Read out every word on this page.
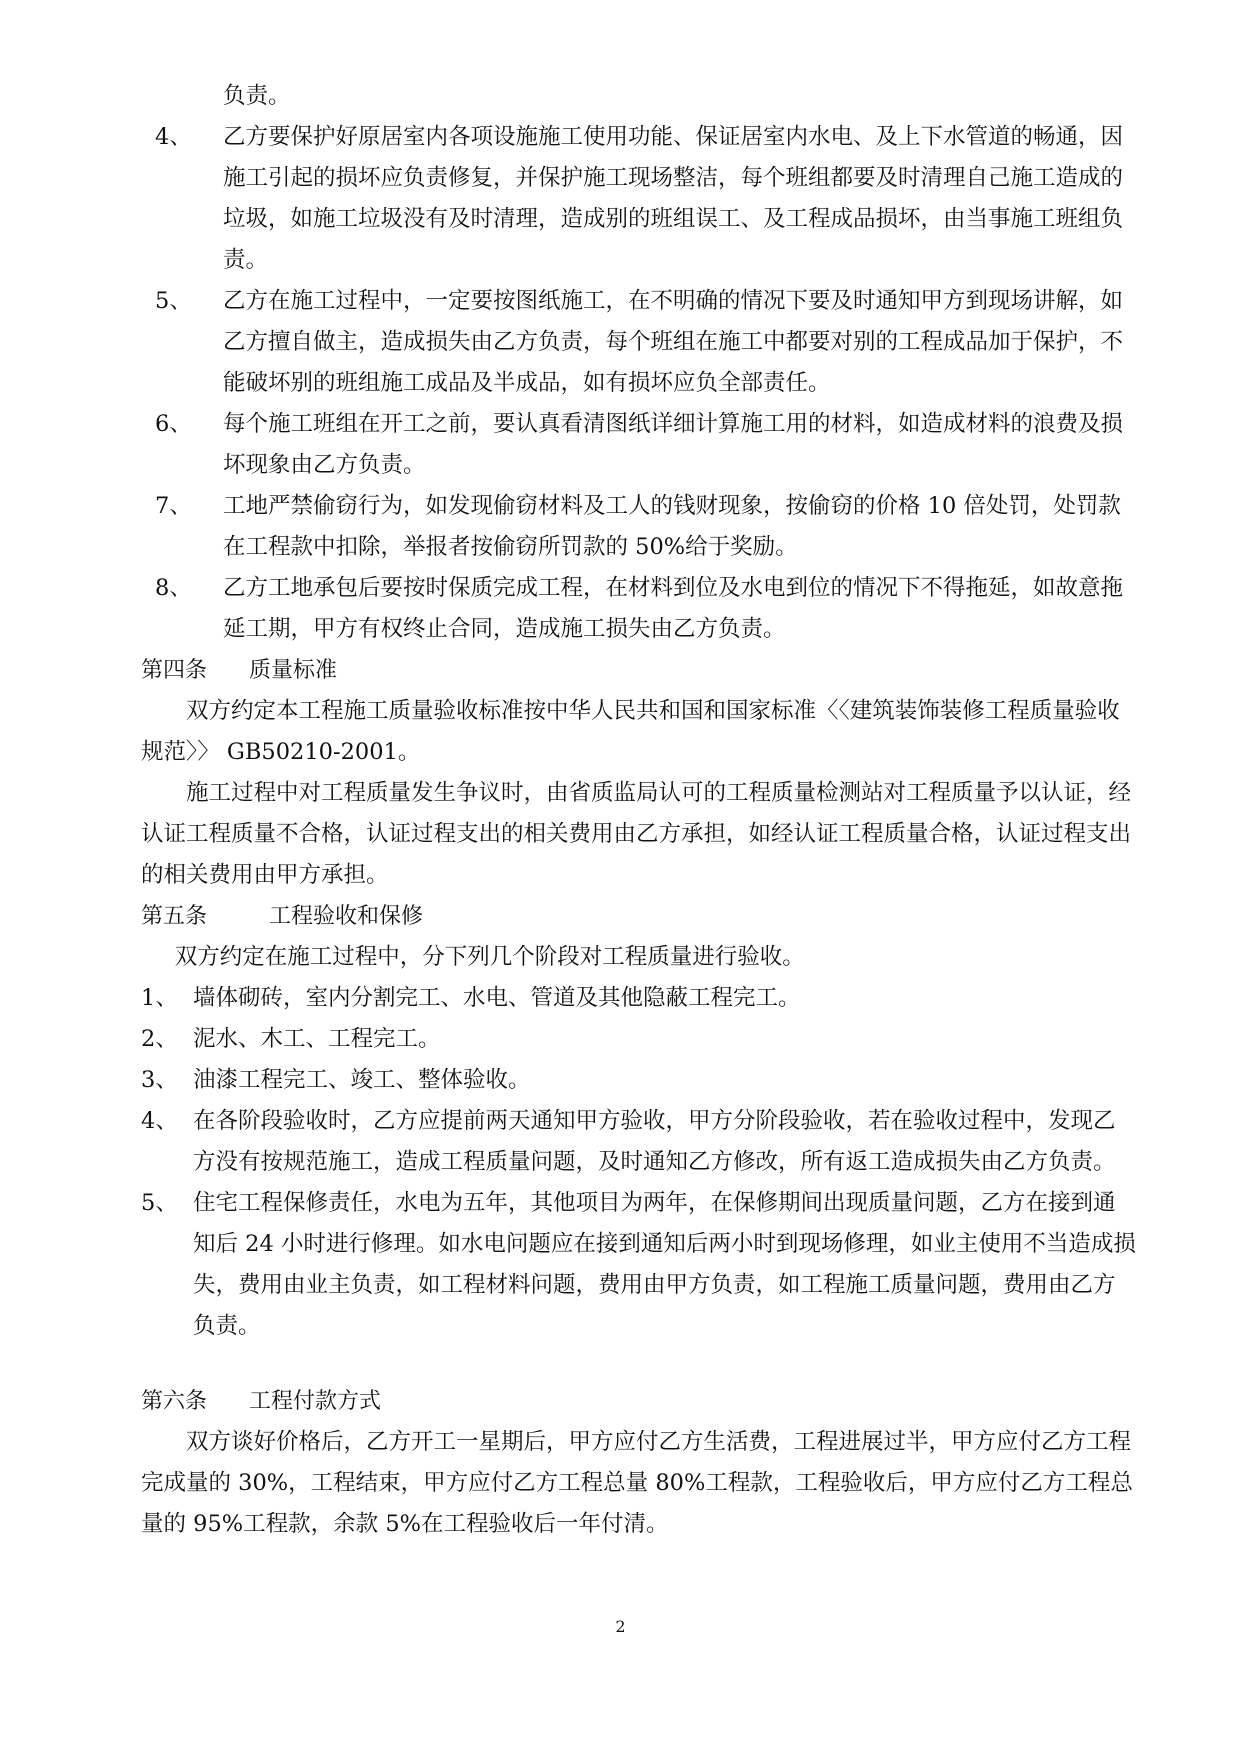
负责。
4、 乙方要保护好原居室内各项设施施工使用功能、保证居室内水电、及上下水管道的畅通，因施工引起的损坏应负责修复，并保护施工现场整洁，每个班组都要及时清理自己施工造成的垃圾，如施工垃圾没有及时清理，造成别的班组误工、及工程成品损坏，由当事施工班组负责。
5、 乙方在施工过程中，一定要按图纸施工，在不明确的情况下要及时通知甲方到现场讲解，如乙方擅自做主，造成损失由乙方负责，每个班组在施工中都要对别的工程成品加于保护，不能破坏别的班组施工成品及半成品，如有损坏应负全部责任。
6、 每个施工班组在开工之前，要认真看清图纸详细计算施工用的材料，如造成材料的浪费及损坏现象由乙方负责。
7、 工地严禁偷窃行为，如发现偷窃材料及工人的钱财现象，按偷窃的价格 10 倍处罚，处罚款在工程款中扣除，举报者按偷窃所罚款的 50%给于奖励。
8、 乙方工地承包后要按时保质完成工程，在材料到位及水电到位的情况下不得拖延，如故意拖延工期，甲方有权终止合同，造成施工损失由乙方负责。
第四条 质量标准
双方约定本工程施工质量验收标准按中华人民共和国和国家标准〈〈建筑装饰装修工程质量验收规范〉〉 GB50210-2001。
施工过程中对工程质量发生争议时，由省质监局认可的工程质量检测站对工程质量予以认证，经认证工程质量不合格，认证过程支出的相关费用由乙方承担，如经认证工程质量合格，认证过程支出的相关费用由甲方承担。
第五条	工程验收和保修
双方约定在施工过程中，分下列几个阶段对工程质量进行验收。
1、 墙体砌砖，室内分割完工、水电、管道及其他隐蔽工程完工。
2、 泥水、木工、工程完工。
3、 油漆工程完工、竣工、整体验收。
4、 在各阶段验收时，乙方应提前两天通知甲方验收，甲方分阶段验收，若在验收过程中，发现乙方没有按规范施工，造成工程质量问题，及时通知乙方修改，所有返工造成损失由乙方负责。
5、 住宅工程保修责任，水电为五年，其他项目为两年，在保修期间出现质量问题，乙方在接到通知后 24 小时进行修理。如水电问题应在接到通知后两小时到现场修理，如业主使用不当造成损失，费用由业主负责，如工程材料问题，费用由甲方负责，如工程施工质量问题，费用由乙方负责。
第六条 工程付款方式
双方谈好价格后，乙方开工一星期后，甲方应付乙方生活费，工程进展过半，甲方应付乙方工程完成量的 30%，工程结束，甲方应付乙方工程总量 80%工程款，工程验收后，甲方应付乙方工程总量的 95%工程款，余款 5%在工程验收后一年付清。
2
